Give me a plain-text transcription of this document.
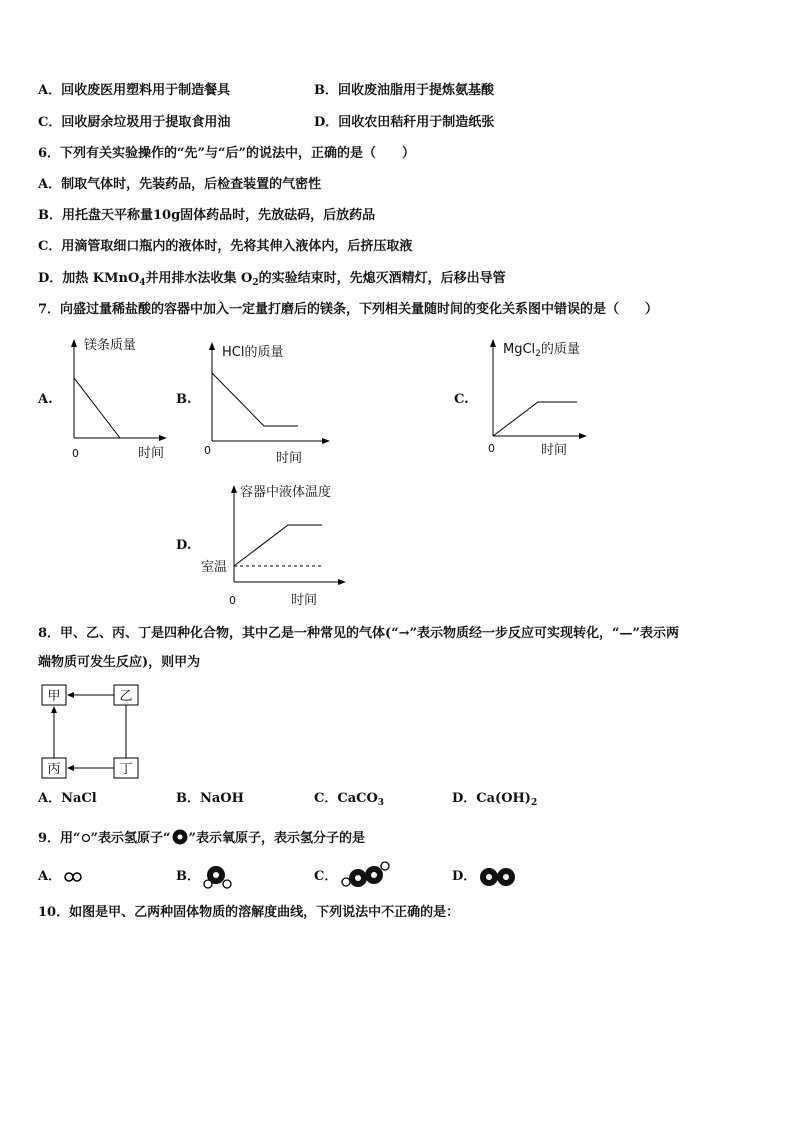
A．回收废医用塑料用于制造餐具	B．回收废油脂用于提炼氨基酸
C．回收厨余垃圾用于提取食用油	D．回收农田秸秆用于制造纸张
6．下列有关实验操作的“先”与“后”的说法中，正确的是（　　）
A．制取气体时，先装药品，后检查装置的气密性
B．用托盘天平称量10g固体药品时，先放砝码，后放药品
C．用滴管取细口瓶内的液体时，先将其伸入液体内，后挤压取液
D．加热 KMnO$_4$并用排水法收集 $O_2$的实验结束时，先熄灭酒精灯，后移出导管
7．向盛过量稀盐酸的容器中加入一定量打磨后的镁条，下列相关量随时间的变化关系图中错误的是（　　）
A.
镁条质量
时间
0
B.
HCl的质量
时间
0
C.
MgCl$_2$的质量
时间
0
D.
容器中液体温度
室温
时间
0
8．甲、乙、丙、丁是四种化合物，其中乙是一种常见的气体(“→”表示物质经一步反应可实现转化，“—”表示两
端物质可发生反应)，则甲为
甲	乙
丙	丁
A．NaCl	B．NaOH	C．CaCO$_3$	D．$Ca(OH)_2$
9．用“ ”表示氢原子“ ”表示氧原子，表示氢分子的是
A．	B．	C．	D．
10．如图是甲、乙两种固体物质的溶解度曲线，下列说法中不正确的是：
